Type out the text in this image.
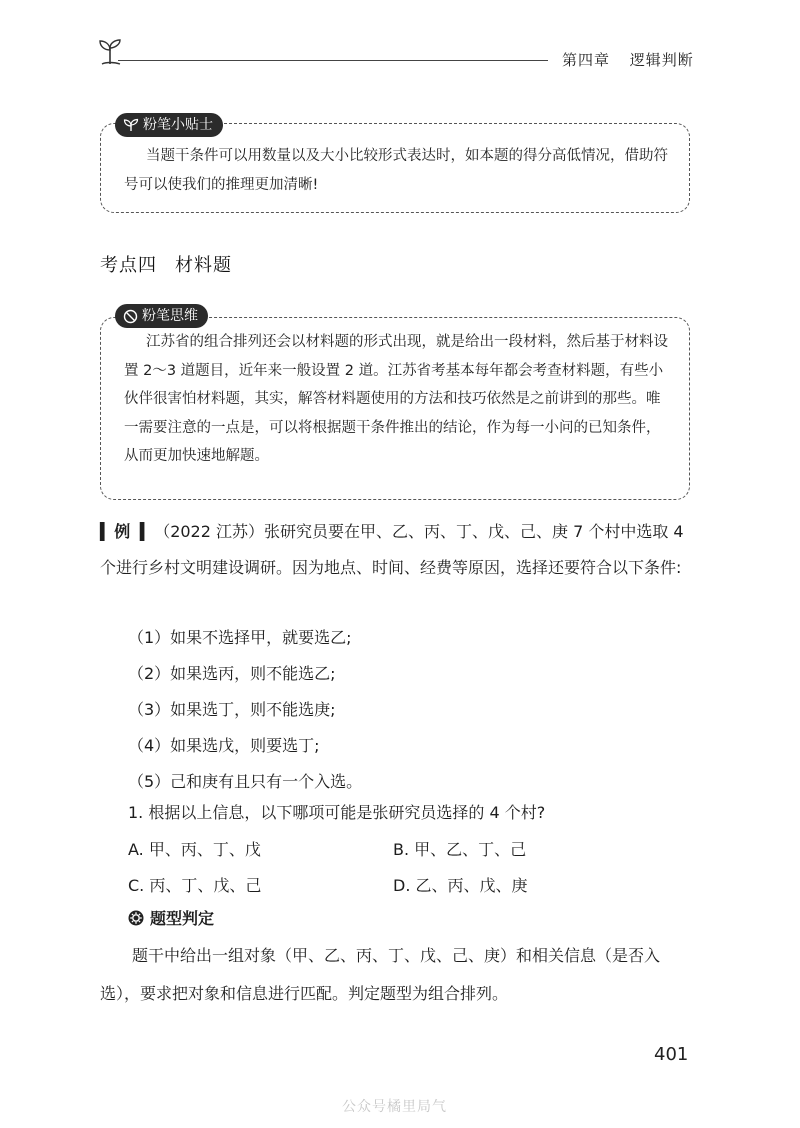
第四章 逻辑判断
粉笔小贴士
当题干条件可以用数量以及大小比较形式表达时，如本题的得分高低情况，借助符号可以使我们的推理更加清晰!
考点四 材料题
粉笔思维
江苏省的组合排列还会以材料题的形式出现，就是给出一段材料，然后基于材料设置 2～3 道题目，近年来一般设置 2 道。江苏省考基本每年都会考查材料题，有些小伙伴很害怕材料题，其实，解答材料题使用的方法和技巧依然是之前讲到的那些。唯一需要注意的一点是，可以将根据题干条件推出的结论，作为每一小问的已知条件，从而更加快速地解题。
▍例 ▍（2022 江苏）张研究员要在甲、乙、丙、丁、戊、己、庚 7 个村中选取 4 个进行乡村文明建设调研。因为地点、时间、经费等原因，选择还要符合以下条件:
（1）如果不选择甲，就要选乙;
（2）如果选丙，则不能选乙;
（3）如果选丁，则不能选庚;
（4）如果选戊，则要选丁;
（5）己和庚有且只有一个入选。
1. 根据以上信息，以下哪项可能是张研究员选择的 4 个村?
A. 甲、丙、丁、戊	B. 甲、乙、丁、己
C. 丙、丁、戊、己	D. 乙、丙、戊、庚
题型判定
题干中给出一组对象（甲、乙、丙、丁、戊、己、庚）和相关信息（是否入选），要求把对象和信息进行匹配。判定题型为组合排列。
401
公众号橘里局气
